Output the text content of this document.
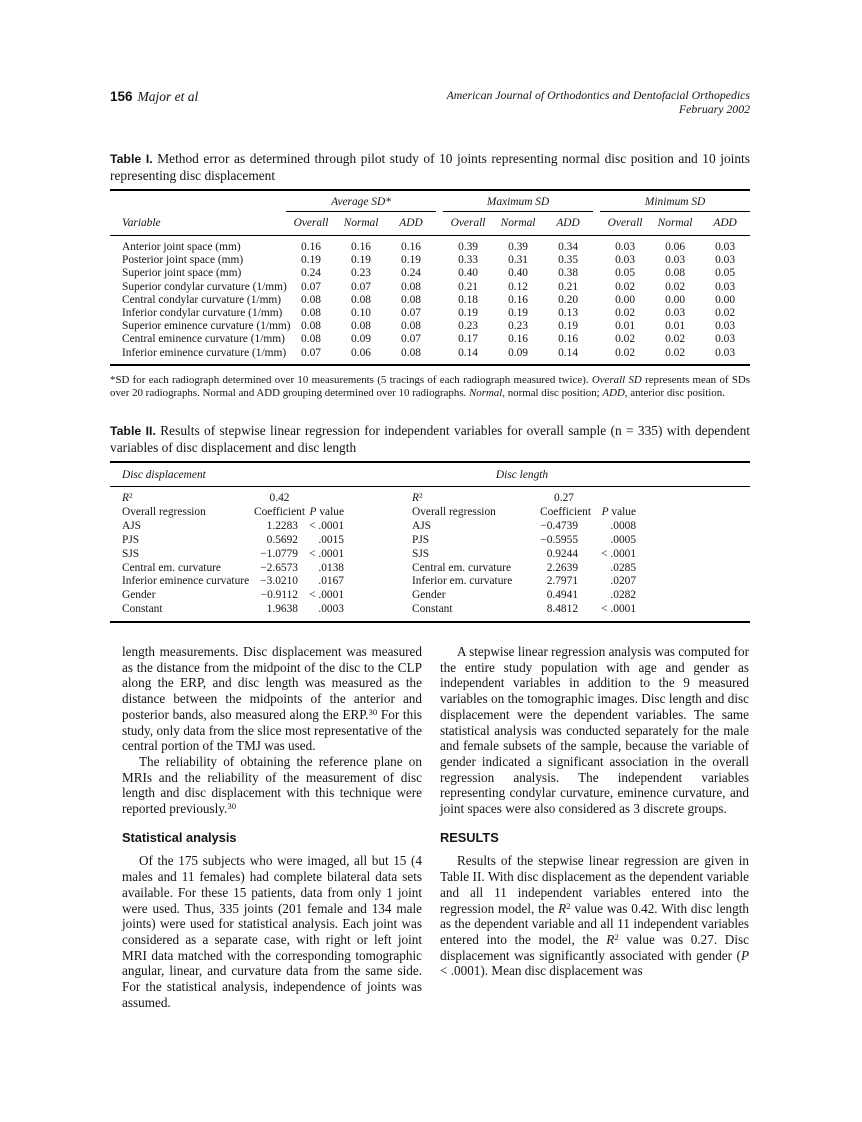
156 Major et al	American Journal of Orthodontics and Dentofacial Orthopedics
February 2002
Table I. Method error as determined through pilot study of 10 joints representing normal disc position and 10 joints representing disc displacement
	Average SD*				Maximum SD				Minimum SD		
Variable	Overall	Normal	ADD		Overall	Normal	ADD		Overall	Normal	ADD
Anterior joint space (mm)	0.16	0.16	0.16		0.39	0.39	0.34		0.03	0.06	0.03
Posterior joint space (mm)	0.19	0.19	0.19		0.33	0.31	0.35		0.03	0.03	0.03
Superior joint space (mm)	0.24	0.23	0.24		0.40	0.40	0.38		0.05	0.08	0.05
Superior condylar curvature (1/mm)	0.07	0.07	0.08		0.21	0.12	0.21		0.02	0.02	0.03
Central condylar curvature (1/mm)	0.08	0.08	0.08		0.18	0.16	0.20		0.00	0.00	0.00
Inferior condylar curvature (1/mm)	0.08	0.10	0.07		0.19	0.19	0.13		0.02	0.03	0.02
Superior eminence curvature (1/mm)	0.08	0.08	0.08		0.23	0.23	0.19		0.01	0.01	0.03
Central eminence curvature (1/mm)	0.08	0.09	0.07		0.17	0.16	0.16		0.02	0.02	0.03
Inferior eminence curvature (1/mm)	0.07	0.06	0.08		0.14	0.09	0.14		0.02	0.02	0.03
*SD for each radiograph determined over 10 measurements (5 tracings of each radiograph measured twice). Overall SD represents mean of SDs over 20 radiographs. Normal and ADD grouping determined over 10 radiographs. Normal, normal disc position; ADD, anterior disc position.
Table II. Results of stepwise linear regression for independent variables for overall sample (n = 335) with dependent variables of disc displacement and disc length
Disc displacement				Disc length			
$R^2$	0.42			$R^2$	0.27		
Overall regression	Coefficient	P value		Overall regression	Coefficient	P value	
AJS	1.2283	< .0001		AJS	−0.4739	.0008	
PJS	0.5692	.0015		PJS	−0.5955	.0005	
SJS	−1.0779	< .0001		SJS	0.9244	< .0001	
Central em. curvature	−2.6573	.0138		Central em. curvature	2.2639	.0285	
Inferior eminence curvature	−3.0210	.0167		Inferior em. curvature	2.7971	.0207	
Gender	−0.9112	< .0001		Gender	0.4941	.0282	
Constant	1.9638	.0003		Constant	8.4812	< .0001	

length measurements. Disc displacement was measured as the distance from the midpoint of the disc to the CLP along the ERP, and disc length was measured as the distance between the midpoints of the anterior and posterior bands, also measured along the ERP.$^{30}$ For this study, only data from the slice most representative of the central portion of the TMJ was used.

The reliability of obtaining the reference plane on MRIs and the reliability of the measurement of disc length and disc displacement with this technique were reported previously.$^{30}$

Statistical analysis

Of the 175 subjects who were imaged, all but 15 (4 males and 11 females) had complete bilateral data sets available. For these 15 patients, data from only 1 joint were used. Thus, 335 joints (201 female and 134 male joints) were used for statistical analysis. Each joint was considered as a separate case, with right or left joint MRI data matched with the corresponding tomographic angular, linear, and curvature data from the same side. For the statistical analysis, independence of joints was assumed.

A stepwise linear regression analysis was computed for the entire study population with age and gender as independent variables in addition to the 9 measured variables on the tomographic images. Disc length and disc displacement were the dependent variables. The same statistical analysis was conducted separately for the male and female subsets of the sample, because the variable of gender indicated a significant association in the overall regression analysis. The independent variables representing condylar curvature, eminence curvature, and joint spaces were also considered as 3 discrete groups.

RESULTS

Results of the stepwise linear regression are given in Table II. With disc displacement as the dependent variable and all 11 independent variables entered into the regression model, the $R^2$ value was 0.42. With disc length as the dependent variable and all 11 independent variables entered into the model, the $R^2$ value was 0.27. Disc displacement was significantly associated with gender (P < .0001). Mean disc displacement was
